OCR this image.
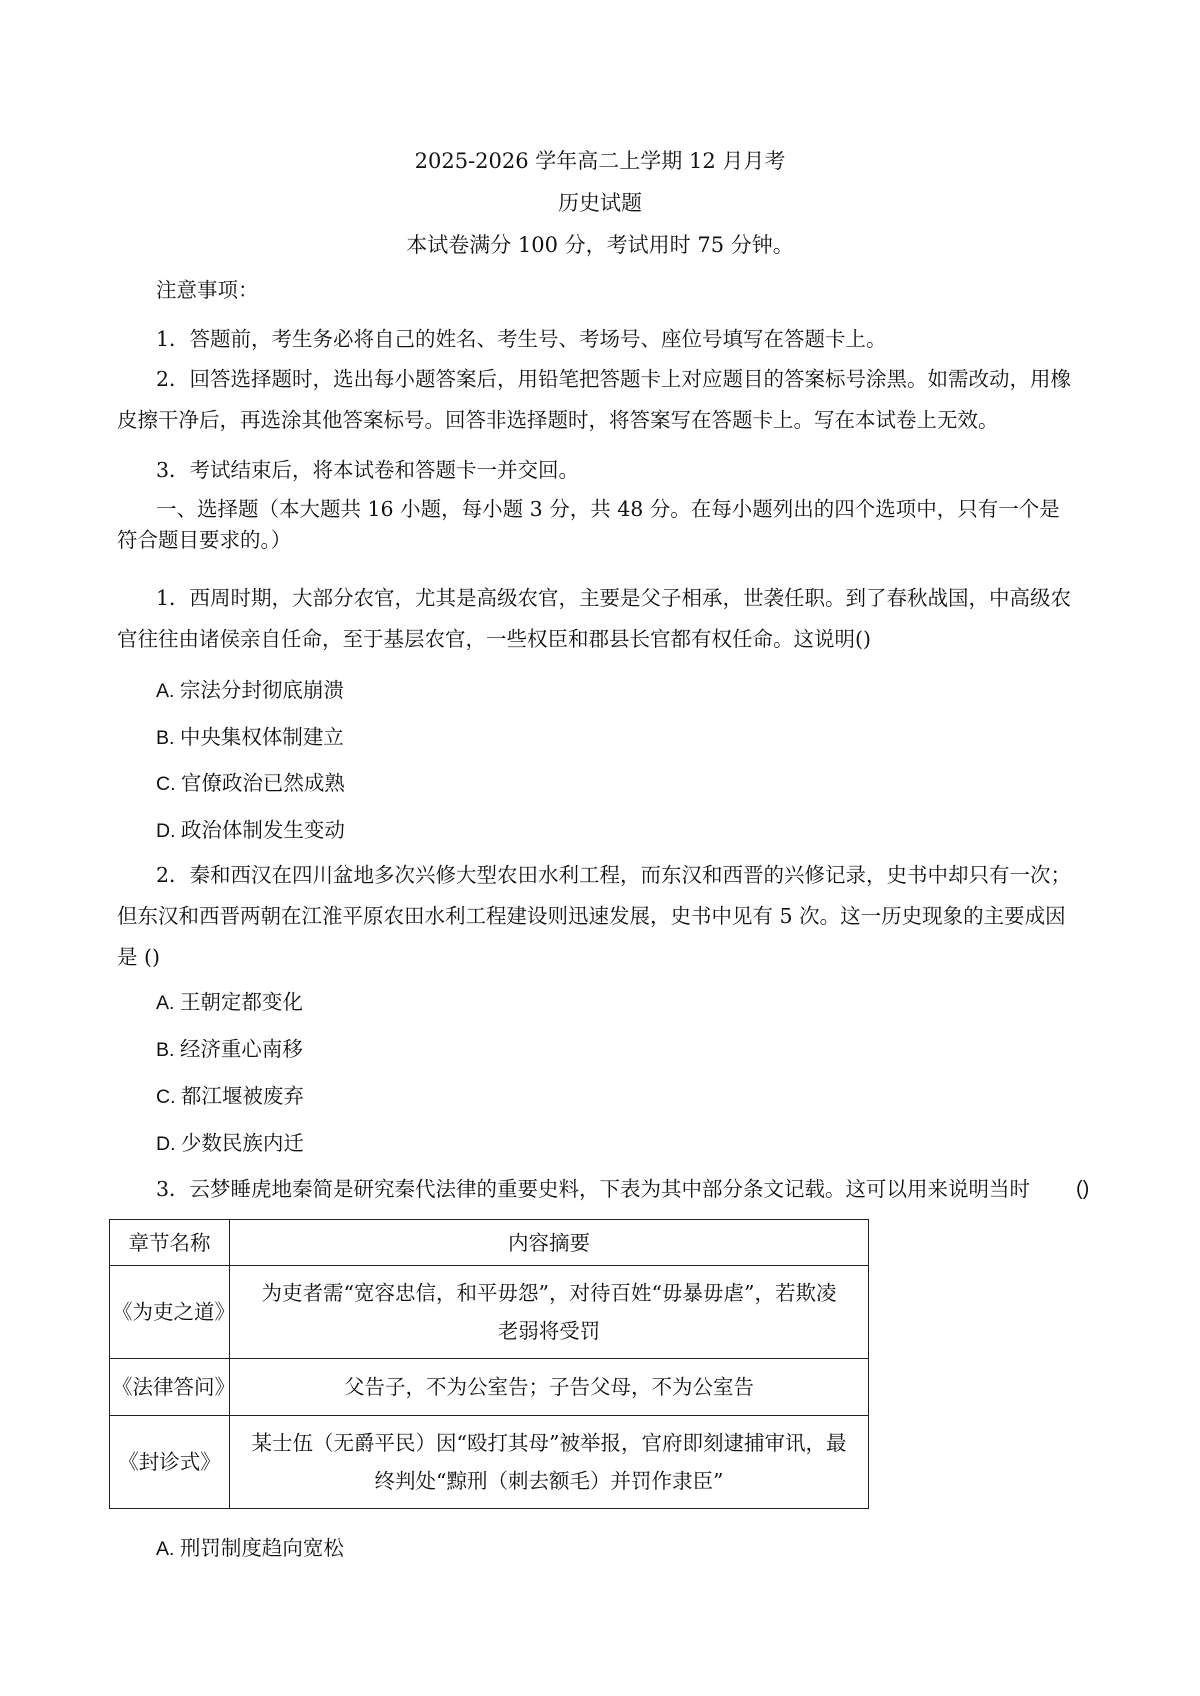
2025-2026 学年高二上学期 12 月月考

历史试题

本试卷满分 100 分，考试用时 75 分钟。

注意事项：

1．答题前，考生务必将自己的姓名、考生号、考场号、座位号填写在答题卡上。

2．回答选择题时，选出每小题答案后，用铅笔把答题卡上对应题目的答案标号涂黑。如需改动，用橡

皮擦干净后，再选涂其他答案标号。回答非选择题时，将答案写在答题卡上。写在本试卷上无效。

3．考试结束后，将本试卷和答题卡一并交回。

一、选择题（本大题共 16 小题，每小题 3 分，共 48 分。在每小题列出的四个选项中，只有一个是

符合题目要求的。）

1．西周时期，大部分农官，尤其是高级农官，主要是父子相承，世袭任职。到了春秋战国，中高级农

官往往由诸侯亲自任命，至于基层农官，一些权臣和郡县长官都有权任命。这说明()

A. 宗法分封彻底崩溃

B. 中央集权体制建立

C. 官僚政治已然成熟

D. 政治体制发生变动

2．秦和西汉在四川盆地多次兴修大型农田水利工程，而东汉和西晋的兴修记录，史书中却只有一次；

但东汉和西晋两朝在江淮平原农田水利工程建设则迅速发展，史书中见有 5 次。这一历史现象的主要成因

是 ()

A. 王朝定都变化

B. 经济重心南移

C. 都江堰被废弃

D. 少数民族内迁

3．云梦睡虎地秦简是研究秦代法律的重要史料，下表为其中部分条文记载。这可以用来说明当时 ()

章节名称	内容摘要
《为吏之道》	为吏者需“宽容忠信，和平毋怨”，对待百姓“毋暴毋虐”，若欺凌
老弱将受罚

《法律答问》	父告子，不为公室告；子告父母，不为公室告

《封诊式》	某士伍（无爵平民）因“殴打其母”被举报，官府即刻逮捕审讯，最
终判处“黥刑（刺去额毛）并罚作隶臣”

A. 刑罚制度趋向宽松
